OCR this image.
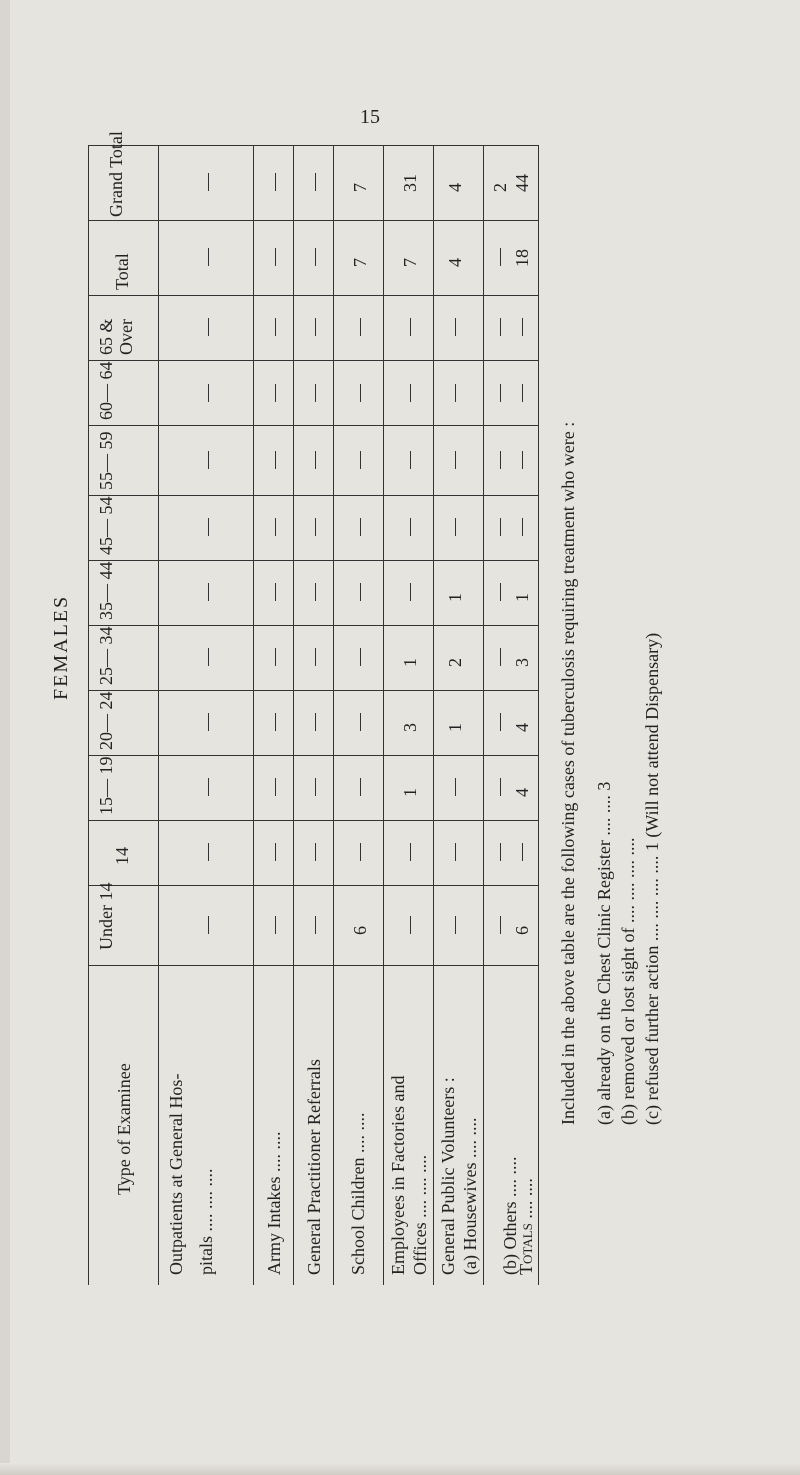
15
FEMALES
Grand Total
Total
65 & Over
60— 64
55— 59
45— 54
35— 44
25— 34
20— 24
15— 19
14
Under 14
Type of Examinee Outpatients at General Hos- pitals .... .... ....	Army Intakes .... .... General Practitioner Referrals School Children .... .... Employees in Factories and Offices .... .... .... General Public Volunteers : (a) Housewives .... .... (b) Others .... ....
Totals .... ....
6
7
7
1
3
1
7
31
1
2
1
4
4 2
6
4
4
3
1
18
44
Included in the above table are the following cases of tuberculosis requiring treatment who were : (a) already on the Chest Clinic Register .... .... 3 (b) removed or lost sight of .... .... .... .... (c) refused further action .... .... .... .... 1 (Will not attend Dispensary)
